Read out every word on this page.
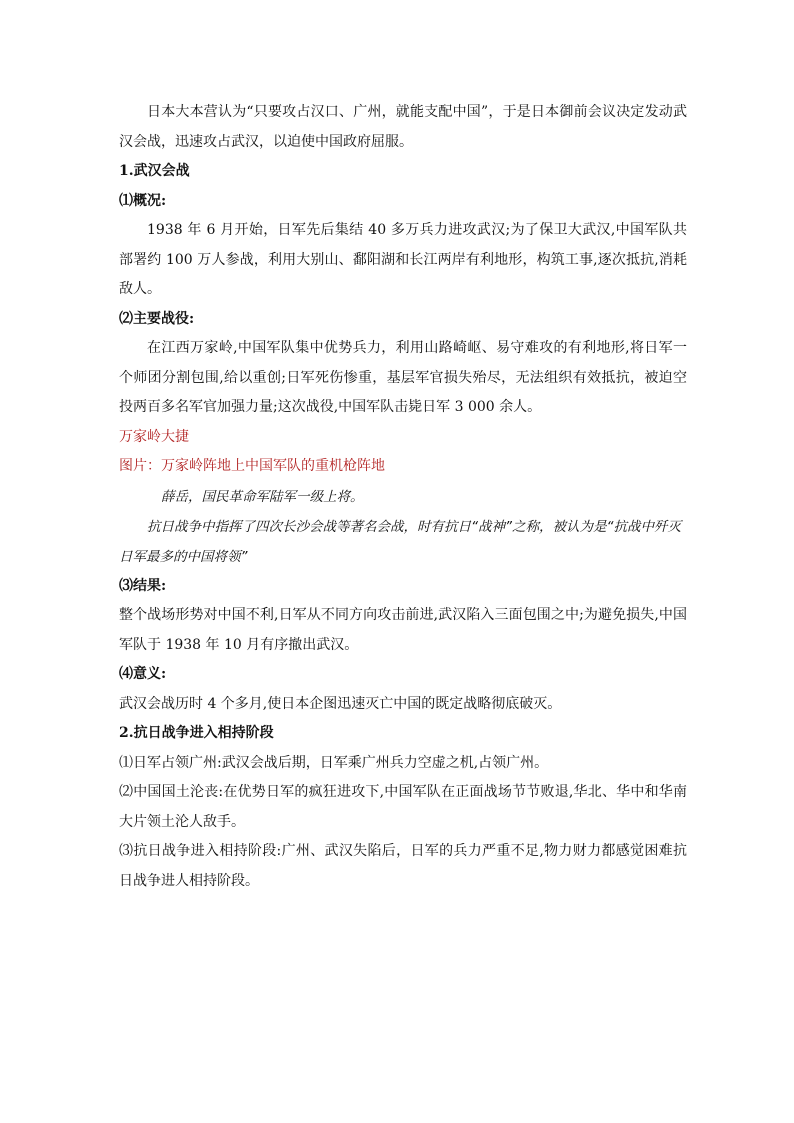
日本大本营认为“只要攻占汉口、广州，就能支配中国”，于是日本御前会议决定发动武汉会战，迅速攻占武汉，以迫使中国政府屈服。

1.武汉会战

⑴概况:

1938 年 6 月开始，日军先后集结 40 多万兵力进攻武汉;为了保卫大武汉,中国军队共部署约 100 万人参战，利用大别山、鄱阳湖和长江两岸有利地形，构筑工事,逐次抵抗,消耗敌人。

⑵主要战役:

在江西万家岭,中国军队集中优势兵力，利用山路崎岖、易守难攻的有利地形,将日军一个师团分割包围,给以重创;日军死伤惨重，基层军官损失殆尽，无法组织有效抵抗，被迫空投两百多名军官加强力量;这次战役,中国军队击毙日军 3 000 余人。

万家岭大捷

图片：万家岭阵地上中国军队的重机枪阵地

薛岳，国民革命军陆军一级上将。

抗日战争中指挥了四次长沙会战等著名会战，时有抗日“战神”之称，被认为是“抗战中歼灭日军最多的中国将领”

⑶结果:

整个战场形势对中国不利,日军从不同方向攻击前进,武汉陷入三面包围之中;为避免损失,中国军队于 1938 年 10 月有序撤出武汉。

⑷意义:

武汉会战历时 4 个多月,使日本企图迅速灭亡中国的既定战略彻底破灭。

2.抗日战争进入相持阶段

⑴日军占领广州:武汉会战后期，日军乘广州兵力空虚之机,占领广州。

⑵中国国土沦丧:在优势日军的疯狂进攻下,中国军队在正面战场节节败退,华北、华中和华南大片领土沦人敌手。

⑶抗日战争进入相持阶段:广州、武汉失陷后，日军的兵力严重不足,物力财力都感觉困难抗日战争进人相持阶段。
